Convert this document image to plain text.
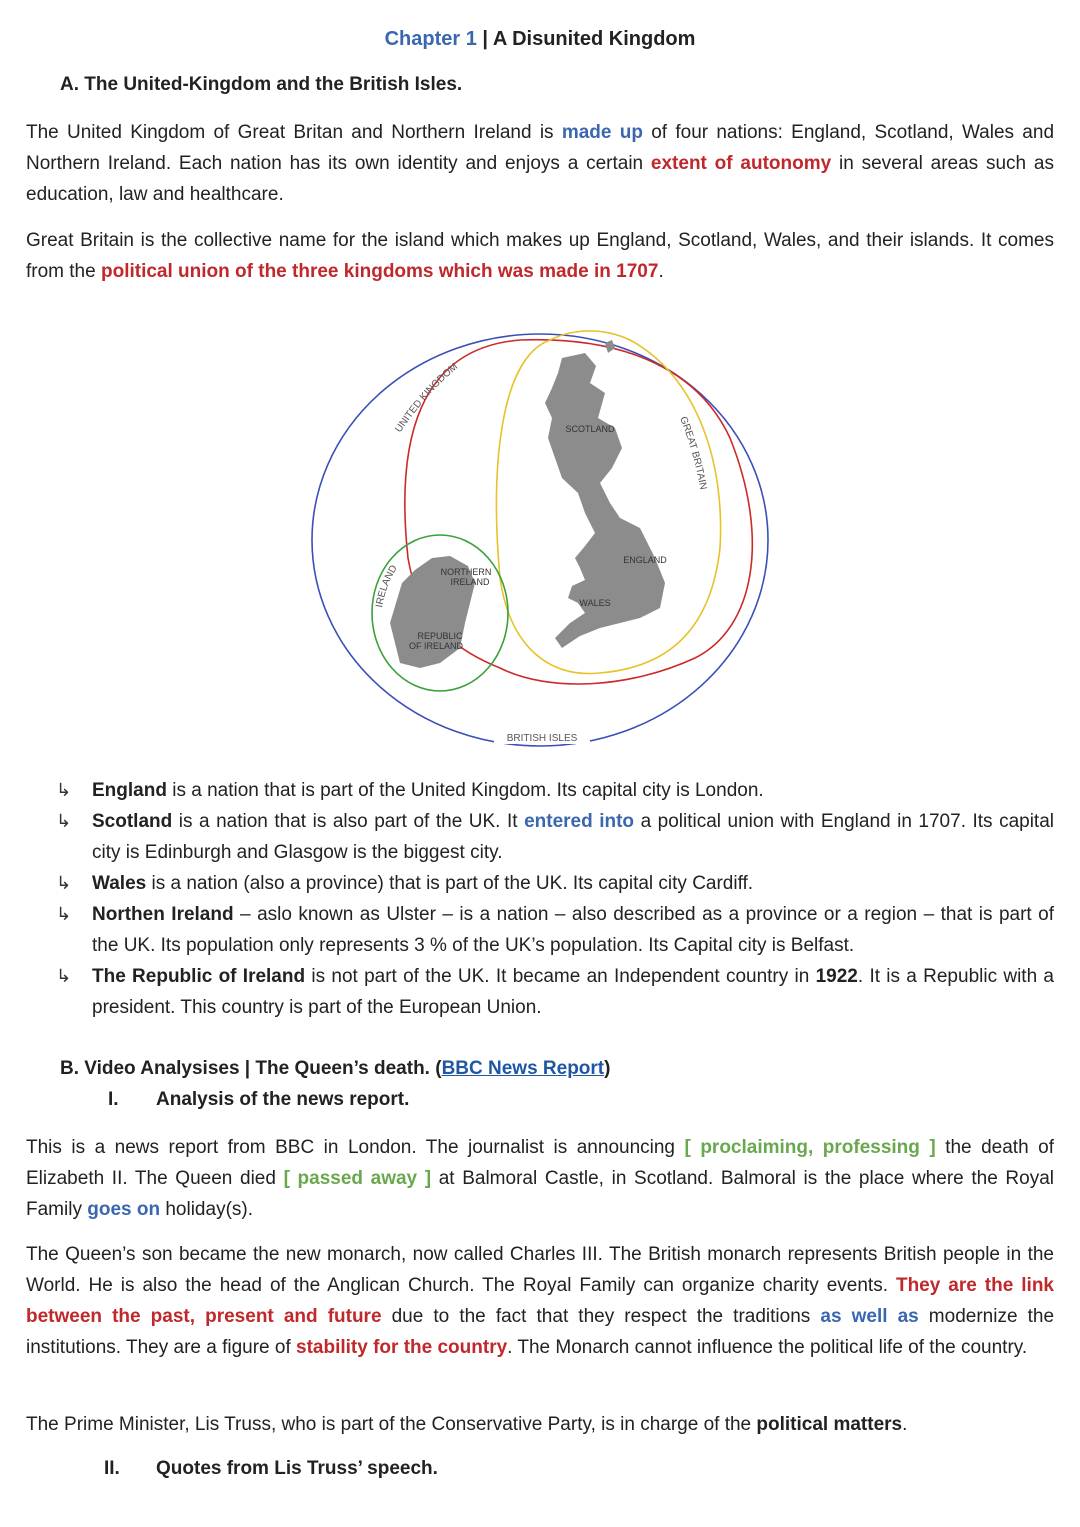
Chapter 1 | A Disunited Kingdom
A. The United-Kingdom and the British Isles.
The United Kingdom of Great Britan and Northern Ireland is made up of four nations: England, Scotland, Wales and Northern Ireland. Each nation has its own identity and enjoys a certain extent of autonomy in several areas such as education, law and healthcare.
Great Britain is the collective name for the island which makes up England, Scotland, Wales, and their islands. It comes from the political union of the three kingdoms which was made in 1707.
UNITED KINGDOM
GREAT BRITAIN
IRELAND
BRITISH ISLES
SCOTLAND
ENGLAND
WALES
NORTHERN
IRELAND
REPUBLIC
OF IRELAND
↳ England is a nation that is part of the United Kingdom. Its capital city is London.
↳ Scotland is a nation that is also part of the UK. It entered into a political union with England in 1707. Its capital city is Edinburgh and Glasgow is the biggest city.
↳ Wales is a nation (also a province) that is part of the UK. Its capital city Cardiff.
↳ Northen Ireland – aslo known as Ulster – is a nation – also described as a province or a region – that is part of the UK. Its population only represents 3 % of the UK’s population. Its Capital city is Belfast.
↳ The Republic of Ireland is not part of the UK. It became an Independent country in 1922. It is a Republic with a president. This country is part of the European Union.
B. Video Analysises | The Queen’s death. (BBC News Report)
I. Analysis of the news report.
This is a news report from BBC in London. The journalist is announcing [ proclaiming, professing ] the death of Elizabeth II. The Queen died [ passed away ] at Balmoral Castle, in Scotland. Balmoral is the place where the Royal Family goes on holiday(s).
The Queen’s son became the new monarch, now called Charles III. The British monarch represents British people in the World. He is also the head of the Anglican Church. The Royal Family can organize charity events. They are the link between the past, present and future due to the fact that they respect the traditions as well as modernize the institutions. They are a figure of stability for the country. The Monarch cannot influence the political life of the country.
The Prime Minister, Lis Truss, who is part of the Conservative Party, is in charge of the political matters.
II. Quotes from Lis Truss’ speech.
